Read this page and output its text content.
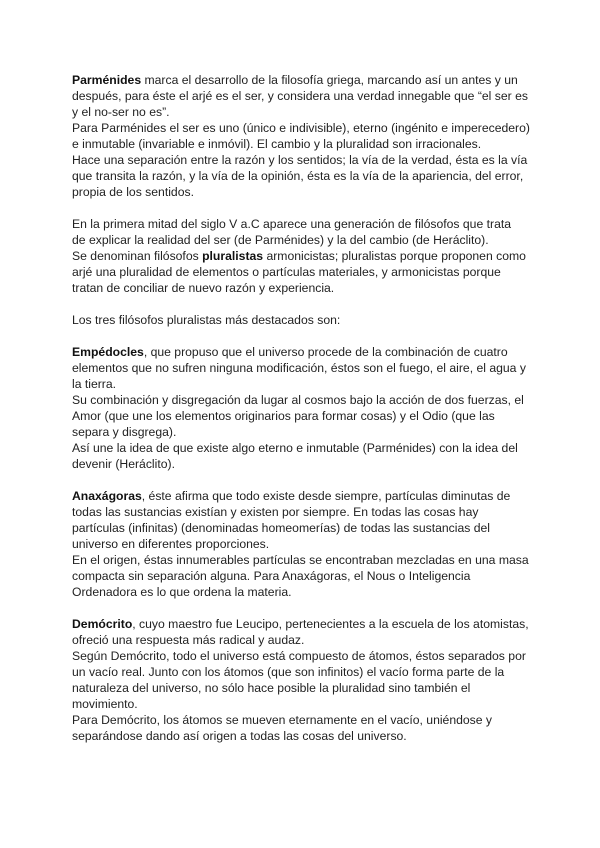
Parménides marca el desarrollo de la filosofía griega, marcando así un antes y un
después, para éste el arjé es el ser, y considera una verdad innegable que “el ser es
y el no-ser no es”.
Para Parménides el ser es uno (único e indivisible), eterno (ingénito e imperecedero)
e inmutable (invariable e inmóvil). El cambio y la pluralidad son irracionales.
Hace una separación entre la razón y los sentidos; la vía de la verdad, ésta es la vía
que transita la razón, y la vía de la opinión, ésta es la vía de la apariencia, del error,
propia de los sentidos.
En la primera mitad del siglo V a.C aparece una generación de filósofos que trata
de explicar la realidad del ser (de Parménides) y la del cambio (de Heráclito).
Se denominan filósofos pluralistas armonicistas; pluralistas porque proponen como
arjé una pluralidad de elementos o partículas materiales, y armonicistas porque
tratan de conciliar de nuevo razón y experiencia.
Los tres filósofos pluralistas más destacados son:
Empédocles, que propuso que el universo procede de la combinación de cuatro
elementos que no sufren ninguna modificación, éstos son el fuego, el aire, el agua y
la tierra.
Su combinación y disgregación da lugar al cosmos bajo la acción de dos fuerzas, el
Amor (que une los elementos originarios para formar cosas) y el Odio (que las
separa y disgrega).
Así une la idea de que existe algo eterno e inmutable (Parménides) con la idea del
devenir (Heráclito).
Anaxágoras, éste afirma que todo existe desde siempre, partículas diminutas de
todas las sustancias existían y existen por siempre. En todas las cosas hay
partículas (infinitas) (denominadas homeomerías) de todas las sustancias del
universo en diferentes proporciones.
En el origen, éstas innumerables partículas se encontraban mezcladas en una masa
compacta sin separación alguna. Para Anaxágoras, el Nous o Inteligencia
Ordenadora es lo que ordena la materia.
Demócrito, cuyo maestro fue Leucipo, pertenecientes a la escuela de los atomistas,
ofreció una respuesta más radical y audaz.
Según Demócrito, todo el universo está compuesto de átomos, éstos separados por
un vacío real. Junto con los átomos (que son infinitos) el vacío forma parte de la
naturaleza del universo, no sólo hace posible la pluralidad sino también el
movimiento.
Para Demócrito, los átomos se mueven eternamente en el vacío, uniéndose y
separándose dando así origen a todas las cosas del universo.
